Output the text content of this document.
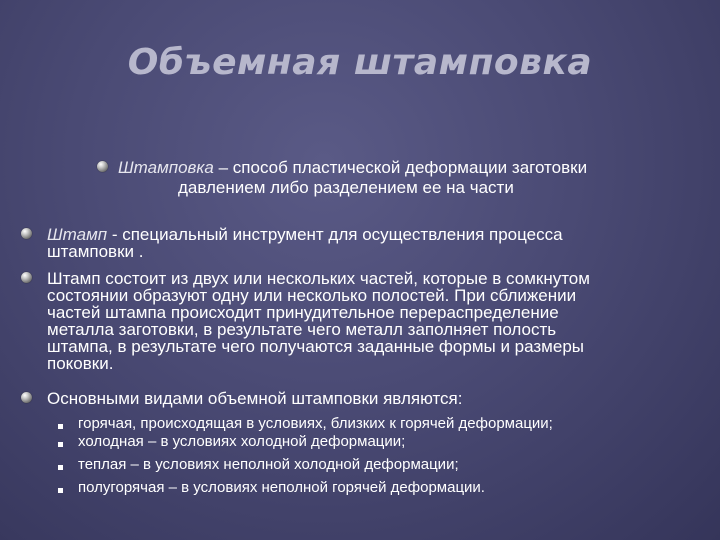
Объемная штамповка
Штамповка – способ пластической деформации заготовки
давлением либо разделением ее на части
Штамп - специальный инструмент для осуществления процесса
штамповки .
Штамп состоит из двух или нескольких частей, которые в сомкнутом
состоянии образуют одну или несколько полостей. При сближении
частей штампа происходит принудительное перераспределение
металла заготовки, в результате чего металл заполняет полость
штампа, в результате чего получаются заданные формы и размеры
поковки.
Основными видами объемной штамповки являются:
горячая, происходящая в условиях, близких к горячей деформации;
холодная – в условиях холодной деформации;
теплая – в условиях неполной холодной деформации;
полугорячая – в условиях неполной горячей деформации.
